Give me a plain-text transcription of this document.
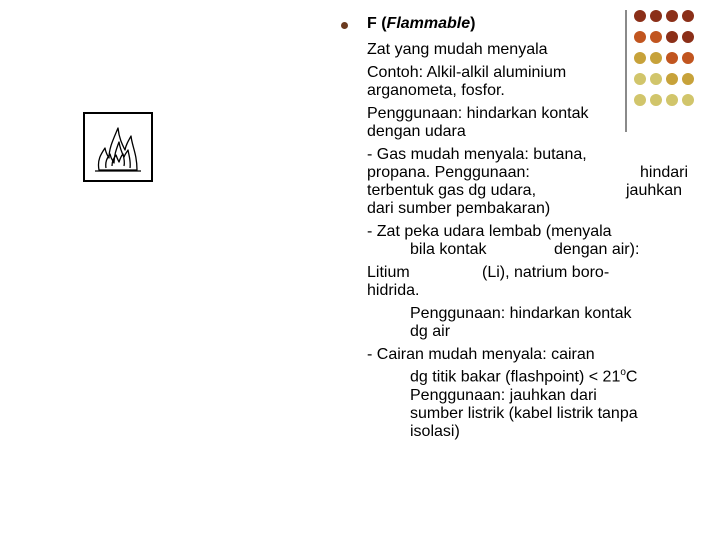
F (Flammable)
Zat yang mudah menyala
Contoh: Alkil-alkil aluminium
arganometa, fosfor.
Penggunaan: hindarkan kontak
dengan udara
- Gas mudah menyala: butana,
propana. Penggunaan:	hindari
terbentuk gas dg udara,	jauhkan
dari sumber pembakaran)
- Zat peka udara lembab (menyala
bila kontak	dengan air):
Litium	(Li), natrium boro-
hidrida.
Penggunaan: hindarkan kontak
dg air
- Cairan mudah menyala: cairan
dg titik bakar (flashpoint) < $21^oC$
Penggunaan: jauhkan dari
sumber listrik (kabel listrik tanpa
isolasi)
